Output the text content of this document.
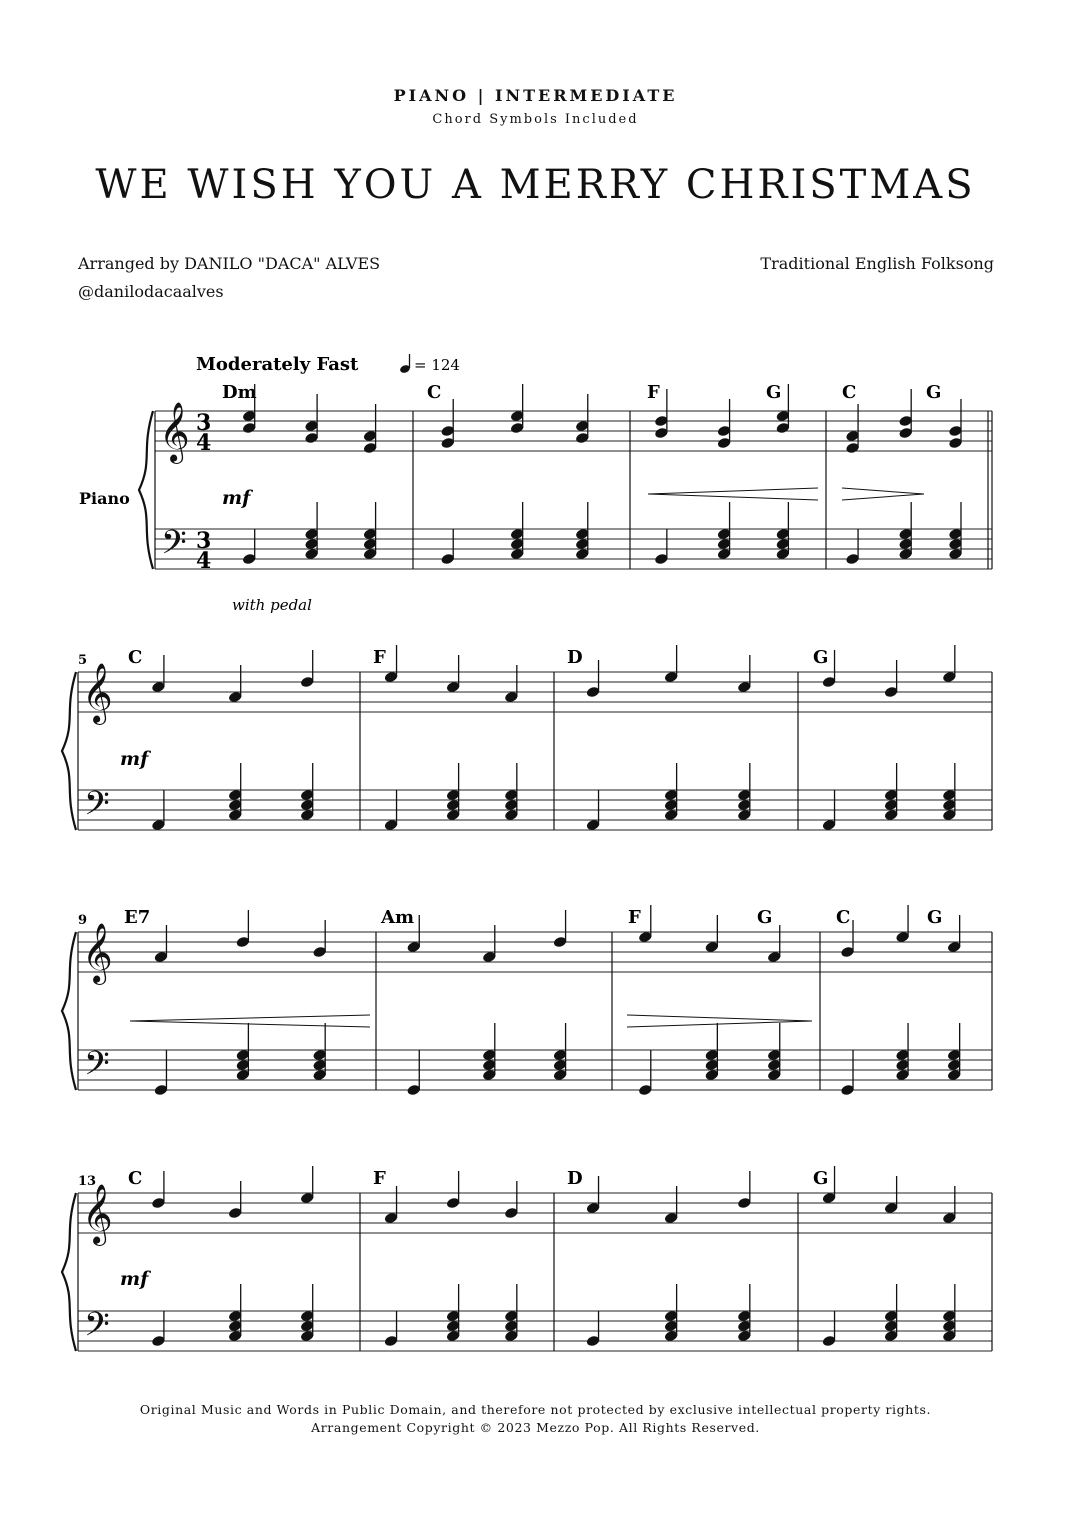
PIANO | INTERMEDIATE
Chord Symbols Included
WE WISH YOU A MERRY CHRISTMAS
Arranged by DANILO "DACA" ALVES
@danilodacaalves
Traditional English Folksong
Moderately Fast	= 124
Piano
with pedal
𝄞
𝄢
3
4
3
4
Dm	C	F	G	C	G
mf
𝄞
𝄢
5 C	F	D	G
mf
𝄞
𝄢
9 E7	Am	F	G	C	G
𝄞
𝄢
13 C	F	D	G
mf
Original Music and Words in Public Domain, and therefore not protected by exclusive intellectual property rights.
Arrangement Copyright © 2023 Mezzo Pop. All Rights Reserved.
